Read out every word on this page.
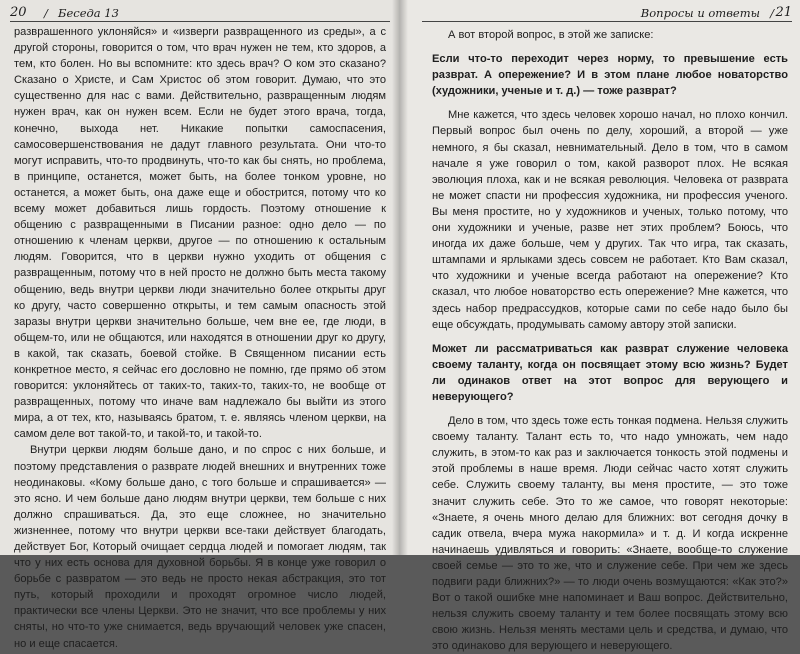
20 / Беседа 13

разврашенного уклоняйся» и «изверги развращенного из среды», а с другой стороны, говорится о том, что врач нужен не тем, кто здоров, а тем, кто болен. Но вы вспомните: кто здесь врач? О ком это сказано? Сказано о Христе, и Сам Христос об этом говорит. Думаю, что это существенно для нас с вами. Действительно, развращенным людям нужен врач, как он нужен всем. Если не будет этого врача, тогда, конечно, выхода нет. Никакие попытки самоспасения, самосовершенствования не дадут главного результата. Они что-то могут исправить, что-то продвинуть, что-то как бы снять, но проблема, в принципе, останется, может быть, на более тонком уровне, но останется, а может быть, она даже еще и обострится, потому что ко всему может добавиться лишь гордость. Поэтому отношение к общению с развращенными в Писании разное: одно дело — по отношению к членам церкви, другое — по отношению к остальным людям. Говорится, что в церкви нужно уходить от общения с развращенным, потому что в ней просто не должно быть места такому общению, ведь внутри церкви люди значительно более открыты друг ко другу, часто совершенно открыты, и тем самым опасность этой заразы внутри церкви значительно больше, чем вне ее, где люди, в общем-то, или не общаются, или находятся в отношении друг ко другу, в какой, так сказать, боевой стойке. В Священном писании есть конкретное место, я сейчас его дословно не помню, где прямо об этом говорится: уклоняйтесь от таких-то, таких-то, таких-то, не вообще от развращенных, потому что иначе вам надлежало бы выйти из этого мира, а от тех, кто, называясь братом, т. е. являясь членом церкви, на самом деле вот такой-то, и такой-то, и такой-то.

Внутри церкви людям больше дано, и по спрос с них больше, и поэтому представления о разврате людей внешних и внутренних тоже неодинаковы. «Кому больше дано, с того больше и спрашивается» — это ясно. И чем больше дано людям внутри церкви, тем больше с них должно спрашиваться. Да, это еще сложнее, но значительно жизненнее, потому что внутри церкви все-таки действует благодать, действует Бог, Который очищает сердца людей и помогает людям, так что у них есть основа для духовной борьбы. Я в конце уже говорил о борьбе с развратом — это ведь не просто некая абстракция, это тот путь, который проходили и проходят огромное число людей, практически все члены Церкви. Это не значит, что все проблемы у них сняты, но что-то уже снимается, ведь вручающий человек уже спасен, но и еще спасается.

Вопросы и ответы / 21

А вот второй вопрос, в этой же записке:

Если что-то переходит через норму, то превышение есть разврат. А опережение? И в этом плане любое новаторство (художники, ученые и т. д.) — тоже разврат?

Мне кажется, что здесь человек хорошо начал, но плохо кончил. Первый вопрос был очень по делу, хороший, а второй — уже немного, я бы сказал, невнимательный. Дело в том, что в самом начале я уже говорил о том, какой разворот плох. Не всякая эволюция плоха, как и не всякая революция. Человека от разврата не может спасти ни профессия художника, ни профессия ученого. Вы меня простите, но у художников и ученых, только потому, что они художники и ученые, разве нет этих проблем? Боюсь, что иногда их даже больше, чем у других. Так что игра, так сказать, штампами и ярлыками здесь совсем не работает. Кто Вам сказал, что художники и ученые всегда работают на опережение? Кто сказал, что любое новаторство есть опережение? Мне кажется, что здесь набор предрассудков, которые сами по себе надо было бы еще обсуждать, продумывать самому автору этой записки.

Может ли рассматриваться как разврат служение человека своему таланту, когда он посвящает этому всю жизнь? Будет ли одинаков ответ на этот вопрос для верующего и неверующего?

Дело в том, что здесь тоже есть тонкая подмена. Нельзя служить своему таланту. Талант есть то, что надо умножать, чем надо служить, в этом-то как раз и заключается тонкость этой подмены и этой проблемы в наше время. Люди сейчас часто хотят служить себе. Служить своему таланту, вы меня простите, — это тоже значит служить себе. Это то же самое, что говорят некоторые: «Знаете, я очень много делаю для ближних: вот сегодня дочку в садик отвела, вчера мужа накормила» и т. д. И когда искренне начинаешь удивляться и говорить: «Знаете, вообще-то служение своей семье — это то же, что и служение себе. При чем же здесь подвиги ради ближних?» — то люди очень возмущаются: «Как это?» Вот о такой ошибке мне напоминает и Ваш вопрос. Действительно, нельзя служить своему таланту и тем более посвящать этому всю свою жизнь. Нельзя менять местами цель и средства, и думаю, что это одинаково для верующего и неверующего.
